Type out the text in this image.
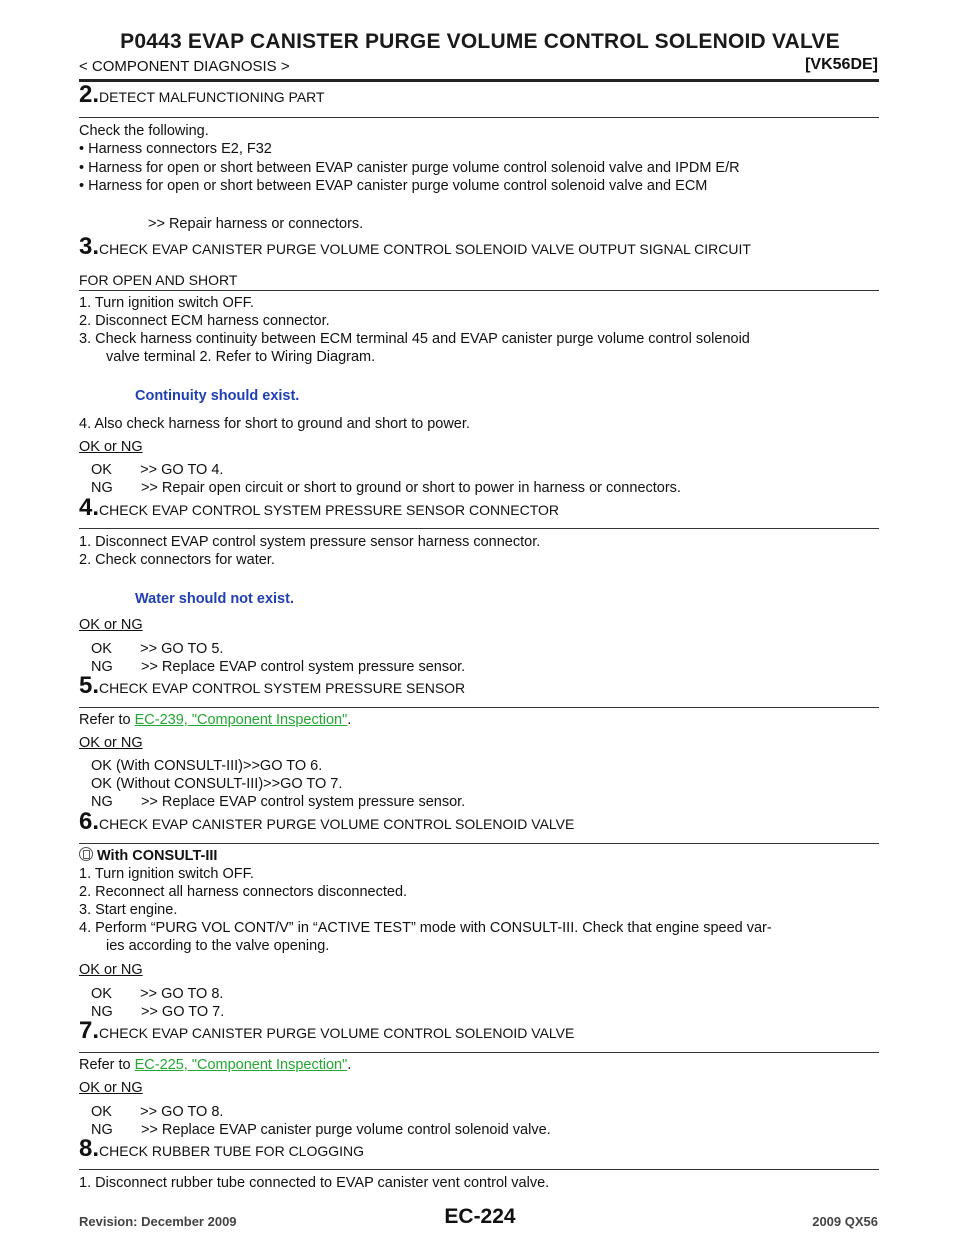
P0443 EVAP CANISTER PURGE VOLUME CONTROL SOLENOID VALVE
< COMPONENT DIAGNOSIS >	[VK56DE]
2.DETECT MALFUNCTIONING PART
Check the following.
• Harness connectors E2, F32
• Harness for open or short between EVAP canister purge volume control solenoid valve and IPDM E/R
• Harness for open or short between EVAP canister purge volume control solenoid valve and ECM
>> Repair harness or connectors.
3.CHECK EVAP CANISTER PURGE VOLUME CONTROL SOLENOID VALVE OUTPUT SIGNAL CIRCUIT
FOR OPEN AND SHORT
1. Turn ignition switch OFF.
2. Disconnect ECM harness connector.
3. Check harness continuity between ECM terminal 45 and EVAP canister purge volume control solenoid
valve terminal 2. Refer to Wiring Diagram.
Continuity should exist.
4. Also check harness for short to ground and short to power.
OK or NG
OK       >> GO TO 4.
NG       >> Repair open circuit or short to ground or short to power in harness or connectors.
4.CHECK EVAP CONTROL SYSTEM PRESSURE SENSOR CONNECTOR
1. Disconnect EVAP control system pressure sensor harness connector.
2. Check connectors for water.
Water should not exist.
OK or NG
OK       >> GO TO 5.
NG       >> Replace EVAP control system pressure sensor.
5.CHECK EVAP CONTROL SYSTEM PRESSURE SENSOR
Refer to EC-239, "Component Inspection".
OK or NG
OK (With CONSULT-III)>>GO TO 6.
OK (Without CONSULT-III)>>GO TO 7.
NG       >> Replace EVAP control system pressure sensor.
6.CHECK EVAP CANISTER PURGE VOLUME CONTROL SOLENOID VALVE
With CONSULT-III
1. Turn ignition switch OFF.
2. Reconnect all harness connectors disconnected.
3. Start engine.
4. Perform “PURG VOL CONT/V” in “ACTIVE TEST” mode with CONSULT-III. Check that engine speed var-
ies according to the valve opening.
OK or NG
OK       >> GO TO 8.
NG       >> GO TO 7.
7.CHECK EVAP CANISTER PURGE VOLUME CONTROL SOLENOID VALVE
Refer to EC-225, "Component Inspection".
OK or NG
OK       >> GO TO 8.
NG       >> Replace EVAP canister purge volume control solenoid valve.
8.CHECK RUBBER TUBE FOR CLOGGING
1. Disconnect rubber tube connected to EVAP canister vent control valve.
EC-224
Revision: December 2009	2009 QX56
